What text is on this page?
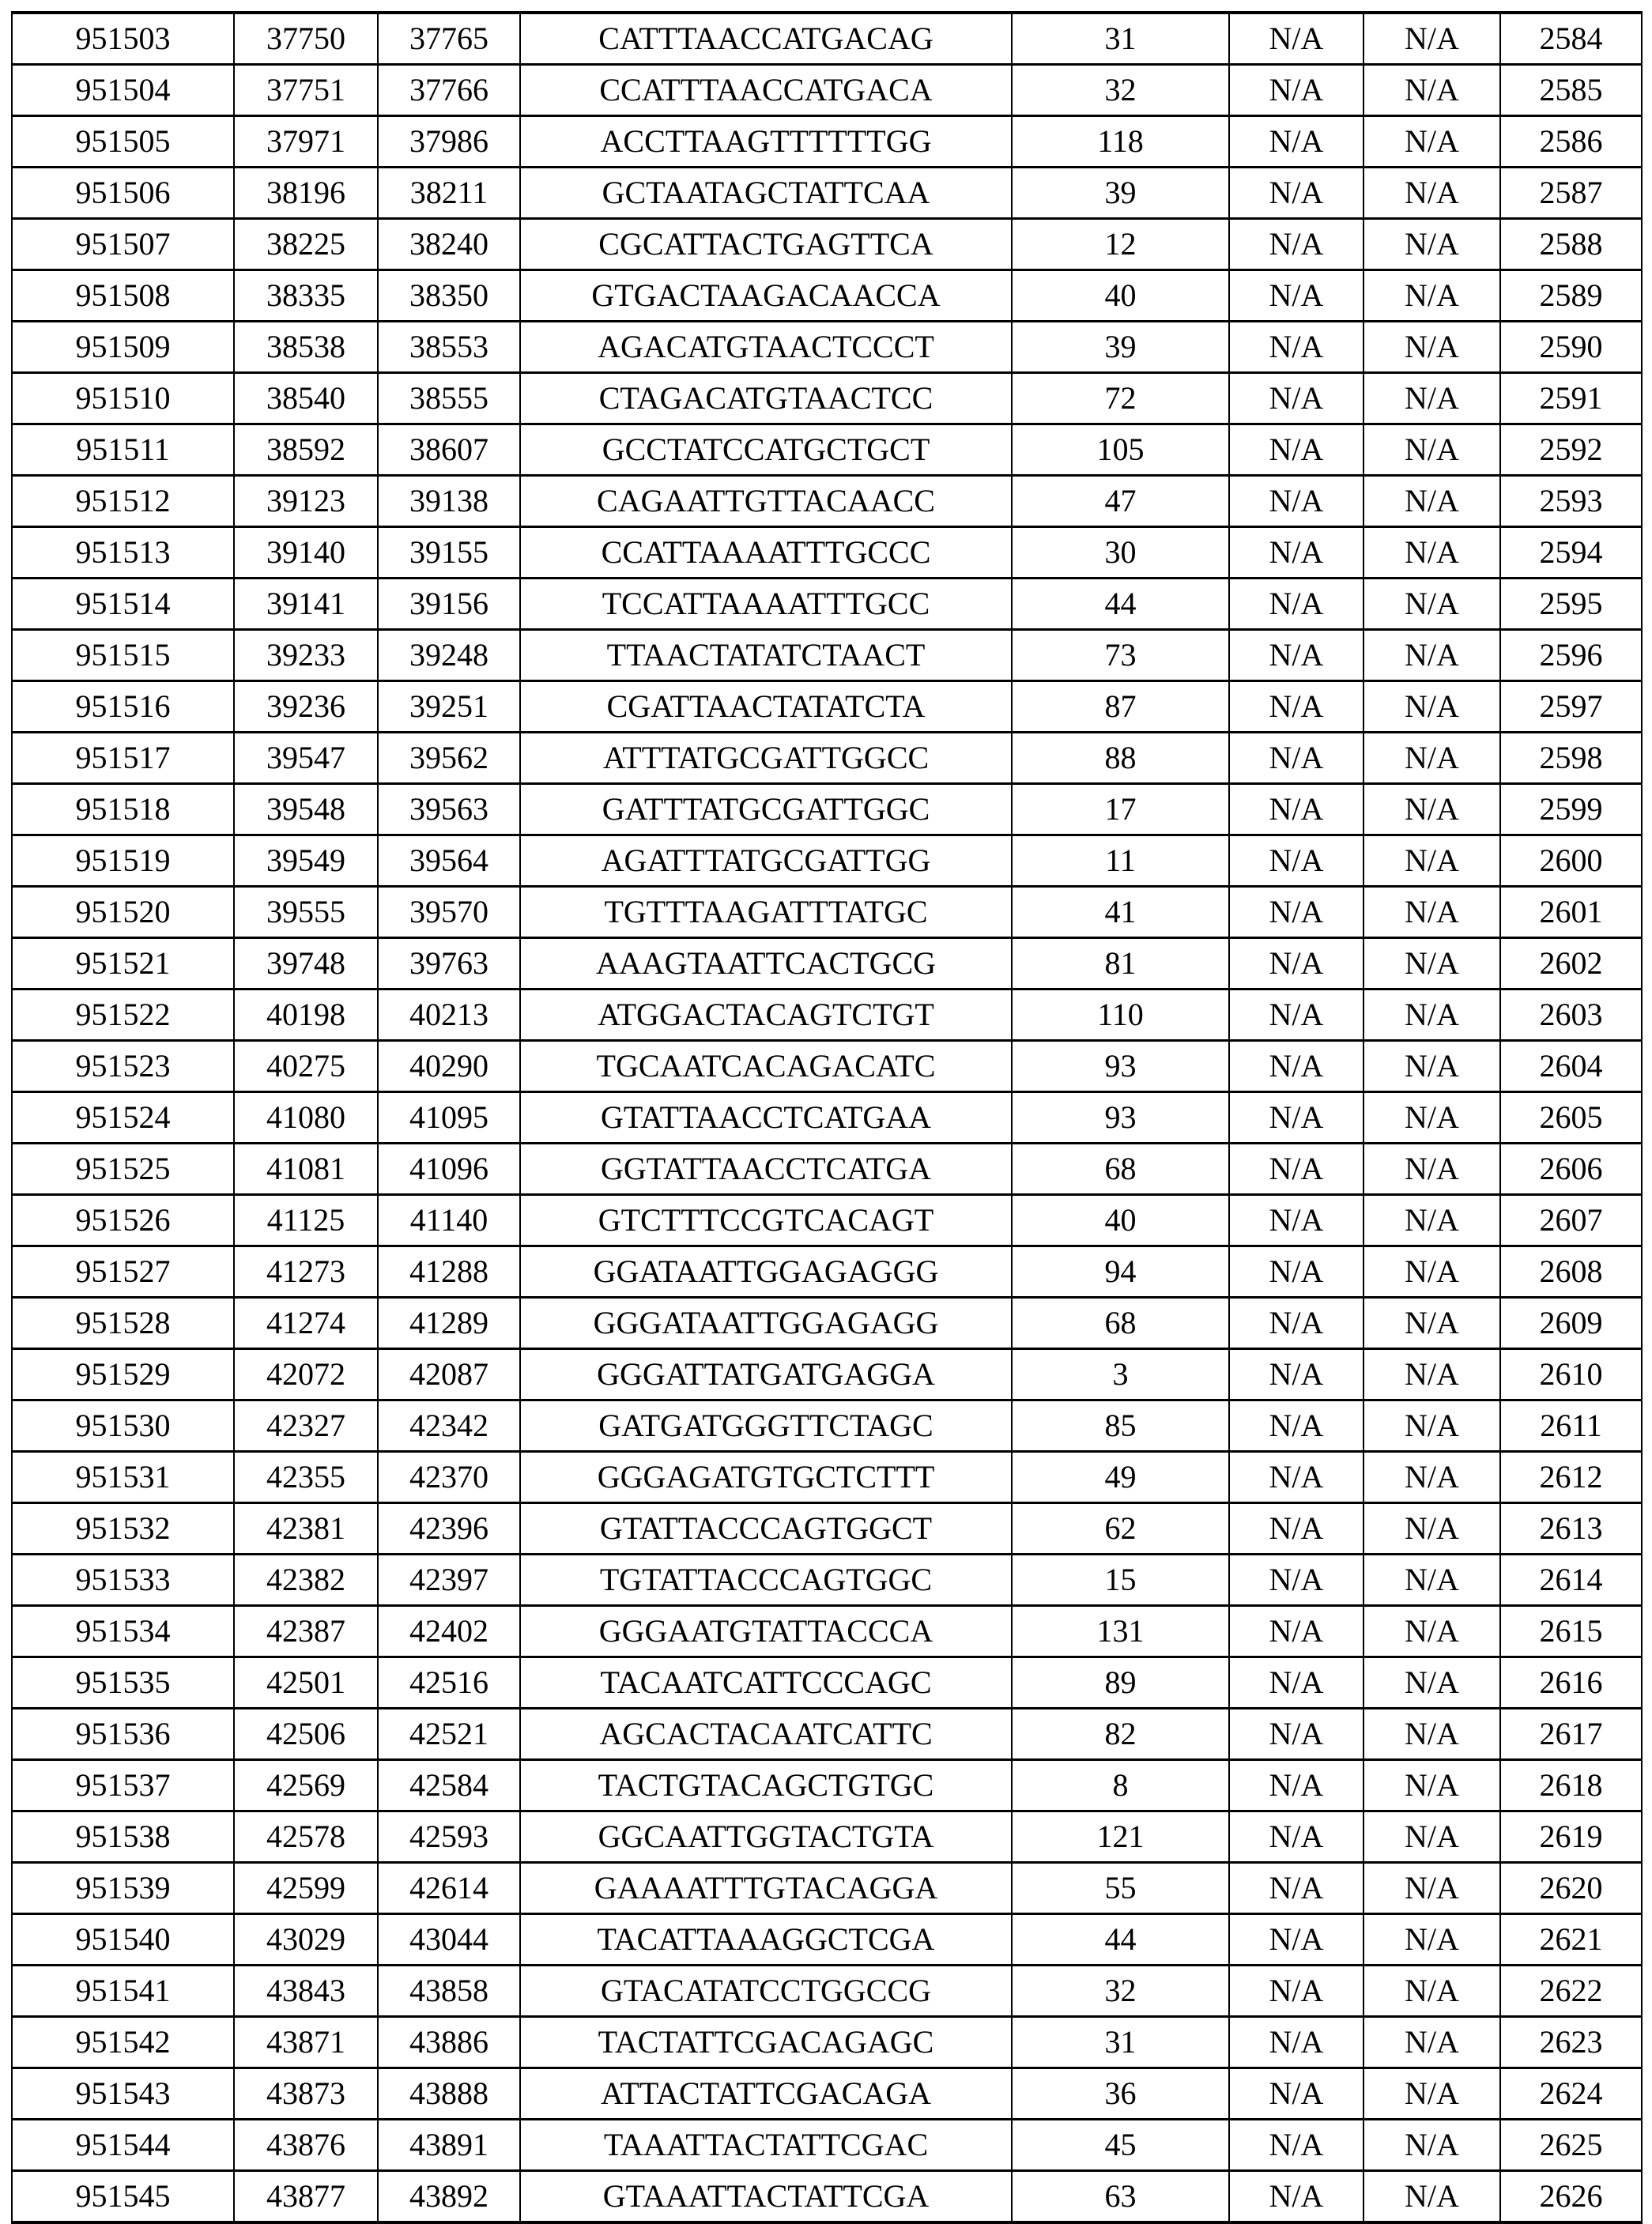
951503	37750	37765	CATTTAACCATGACAG	31	N/A	N/A	2584
951504	37751	37766	CCATTTAACCATGACA	32	N/A	N/A	2585
951505	37971	37986	ACCTTAAGTTTTTTGG	118	N/A	N/A	2586
951506	38196	38211	GCTAATAGCTATTCAA	39	N/A	N/A	2587
951507	38225	38240	CGCATTACTGAGTTCA	12	N/A	N/A	2588
951508	38335	38350	GTGACTAAGACAACCA	40	N/A	N/A	2589
951509	38538	38553	AGACATGTAACTCCCT	39	N/A	N/A	2590
951510	38540	38555	CTAGACATGTAACTCC	72	N/A	N/A	2591
951511	38592	38607	GCCTATCCATGCTGCT	105	N/A	N/A	2592
951512	39123	39138	CAGAATTGTTACAACC	47	N/A	N/A	2593
951513	39140	39155	CCATTAAAATTTGCCC	30	N/A	N/A	2594
951514	39141	39156	TCCATTAAAATTTGCC	44	N/A	N/A	2595
951515	39233	39248	TTAACTATATCTAACT	73	N/A	N/A	2596
951516	39236	39251	CGATTAACTATATCTA	87	N/A	N/A	2597
951517	39547	39562	ATTTATGCGATTGGCC	88	N/A	N/A	2598
951518	39548	39563	GATTTATGCGATTGGC	17	N/A	N/A	2599
951519	39549	39564	AGATTTATGCGATTGG	11	N/A	N/A	2600
951520	39555	39570	TGTTTAAGATTTATGC	41	N/A	N/A	2601
951521	39748	39763	AAAGTAATTCACTGCG	81	N/A	N/A	2602
951522	40198	40213	ATGGACTACAGTCTGT	110	N/A	N/A	2603
951523	40275	40290	TGCAATCACAGACATC	93	N/A	N/A	2604
951524	41080	41095	GTATTAACCTCATGAA	93	N/A	N/A	2605
951525	41081	41096	GGTATTAACCTCATGA	68	N/A	N/A	2606
951526	41125	41140	GTCTTTCCGTCACAGT	40	N/A	N/A	2607
951527	41273	41288	GGATAATTGGAGAGGG	94	N/A	N/A	2608
951528	41274	41289	GGGATAATTGGAGAGG	68	N/A	N/A	2609
951529	42072	42087	GGGATTATGATGAGGA	3	N/A	N/A	2610
951530	42327	42342	GATGATGGGTTCTAGC	85	N/A	N/A	2611
951531	42355	42370	GGGAGATGTGCTCTTT	49	N/A	N/A	2612
951532	42381	42396	GTATTACCCAGTGGCT	62	N/A	N/A	2613
951533	42382	42397	TGTATTACCCAGTGGC	15	N/A	N/A	2614
951534	42387	42402	GGGAATGTATTACCCA	131	N/A	N/A	2615
951535	42501	42516	TACAATCATTCCCAGC	89	N/A	N/A	2616
951536	42506	42521	AGCACTACAATCATTC	82	N/A	N/A	2617
951537	42569	42584	TACTGTACAGCTGTGC	8	N/A	N/A	2618
951538	42578	42593	GGCAATTGGTACTGTA	121	N/A	N/A	2619
951539	42599	42614	GAAAATTTGTACAGGA	55	N/A	N/A	2620
951540	43029	43044	TACATTAAAGGCTCGA	44	N/A	N/A	2621
951541	43843	43858	GTACATATCCTGGCCG	32	N/A	N/A	2622
951542	43871	43886	TACTATTCGACAGAGC	31	N/A	N/A	2623
951543	43873	43888	ATTACTATTCGACAGA	36	N/A	N/A	2624
951544	43876	43891	TAAATTACTATTCGAC	45	N/A	N/A	2625
951545	43877	43892	GTAAATTACTATTCGA	63	N/A	N/A	2626
